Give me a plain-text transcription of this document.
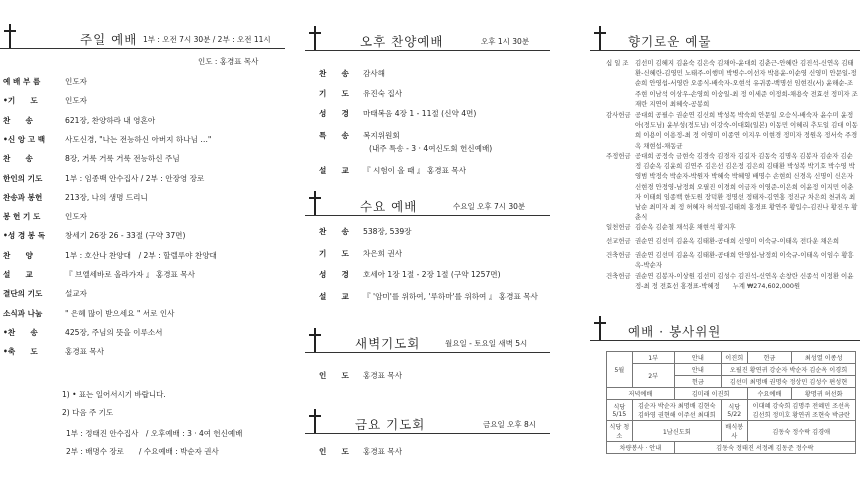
주일 예배 1부 : 오전 7시 30분 / 2부 : 오전 11시
인도 : 홍경표 목사
예 배 부 름	인도자
•기　　도	인도자
찬　　송	621장, 찬양하라 내 영혼아
•신 앙 고 백	사도신경, "나는 전능하신 아버지 하나님 …"
찬　　송	8장, 거룩 거룩 거룩 전능하신 주님
한인의 기도	1부 : 임종백 안수집사 / 2부 : 안장영 장로
찬송과 봉헌	213장, 나의 생명 드리니
봉 헌 기 도	인도자
•성 경 봉 독	창세기 26장 26 - 33절 (구약 37면)
찬　　양	1부 : 호산나 찬양대　/ 2부 : 할렐루야 찬양대
설　　교	『 브엘세바로 올라가자 』 홍경표 목사
결단의 기도	설교자
소식과 나눔	" 은혜 많이 받으세요 " 서로 인사
•찬　　송	425장, 주님의 뜻을 이루소서
•축　　도	홍경표 목사
1) • 표는 일어서시기 바랍니다.
2) 다음 주 기도
1부 : 정태진 안수집사　/ 오후예배 : 3 · 4여 헌신예배
2부 : 배명수 장로　　/ 수요예배 : 박순자 권사
오후 찬양예배	오후 1시 30분
찬　　송 감사해
기　　도 유진숙 집사
성　　경 마태복음 4장 1 - 11절 (신약 4면)
특　　송 복지위원회
(내주 특송 - 3 · 4여신도회 헌신예배)
설　　교 『 시험이 올 때 』 홍경표 목사
수요 예배	수요일 오후 7시 30분
찬　　송 538장, 539장
기　　도 차은희 권사
성　　경 호세아 1장 1절 - 2장 1절 (구약 1257면)
설　　교 『 '암미'를 위하여, '루하마'를 위하여 』 홍경표 목사
새벽기도회	월요일 - 토요일 새벽 5시
인　　도 홍경표 목사
금요 기도회	금요일 오후 8시
인　　도 홍경표 목사
향기로운 예물
십 일 조	김선미 김혜지 김윤숙 김은숙 김채아-윤대희 김춘근-안혜란 김진석-신연옥 김태환-신혜란-김영민 노태주-이행미 박병수-이선자 박용윤-이순영 신영미 안문일-정순희 안영섭-서영란 오종식-배숙자-오현석 유귀종-백명선 임현진(서) 윤해순-조주현 이남석 이상우-손영희 이숭일-최 정 이세준 이정희-채용숙 전효선 정미자 조재란 지연이 최혜숙-공봉희
감사헌금 공대희 공필수 권순연 김신희 박성목 박숙희 안문일 오승식-배숙자 윤수미 윤정아(정도님) 윤부성(정도님) 이강숙-이대회(일본) 이동민 이혜리 추도일 김대 이동희 이용이 이용정-최 정 이영미 이종연 이지우 이현경 정미자 정원옥 정서숙 주경옥 채현섭-채동균
주정헌금 공대희 공정숙 금현숙 김경숙 김경자 김길자 김동숙 김명옥 김봉자 김순자 김순정 김순옥 김윤희 김연주 김은선 김은정 김은희 김태환 박성복 박기호 박수영 박영범 박정숙 박순자-박원자 박혜숙 박혜영 배명수 손현희 신경옥 신명이 신은자 신현경 안정영-남정희 오필진 이경희 이금자 이영준-이은희 이윤정 이지민 이춘자 이태희 임종백 한도원 장덕환 정명선 정태자-김연홍 정진규 차은희 천귀옥 최남순 최미자 최 정 허혜자 허석열-김태희 홍경표 황연주 황입수-김진나 황진우 황춘식
일천헌금 김순옥 김순철 채석훈 채현석 황지후
선교헌금 권순연 김선미 김윤옥 김태환-공대희 신영미 이숙규-이태옥 전다운 채은희
건축헌금 권순연 김선미 김윤옥 김태환-공대희 안영섭-남정희 이숙규-이태옥 이임수 황흥옥-박순자
건축헌금 권순연 김봉자-이상원 김선미 김성수 김진석-신연옥 손창란 신종석 이정환 이윤정-최 정 전효선 홍경표-박혜정　　누계 ₩274,602,000원
예배 · 봉사위원
5월	1부	안내	이진희	헌금	최성열 이종성
	2부	안내	오필진 황연귀 강순자 박순자 김순옥 이경희		
		헌금	김선미 최명배 권명숙 정상민 김성수 편성현		
저녁예배		김미래 이진희		수요예배	황명귀 허선화
식당 5/15	김순자 박순자 최명배 김현숙 김하영 권현해 이주선 최대희		식당 5/22	이대혜 강숙희 김명주 전혜민 조선옥 김선희 정미호 황연귀 조현숙 박금란	
식당 청소	1남신도회		배식봉사	김동숙 정수락 김경애	
차량봉사 · 안내		김동숙 정태진 서정례 김동준 정수락			
